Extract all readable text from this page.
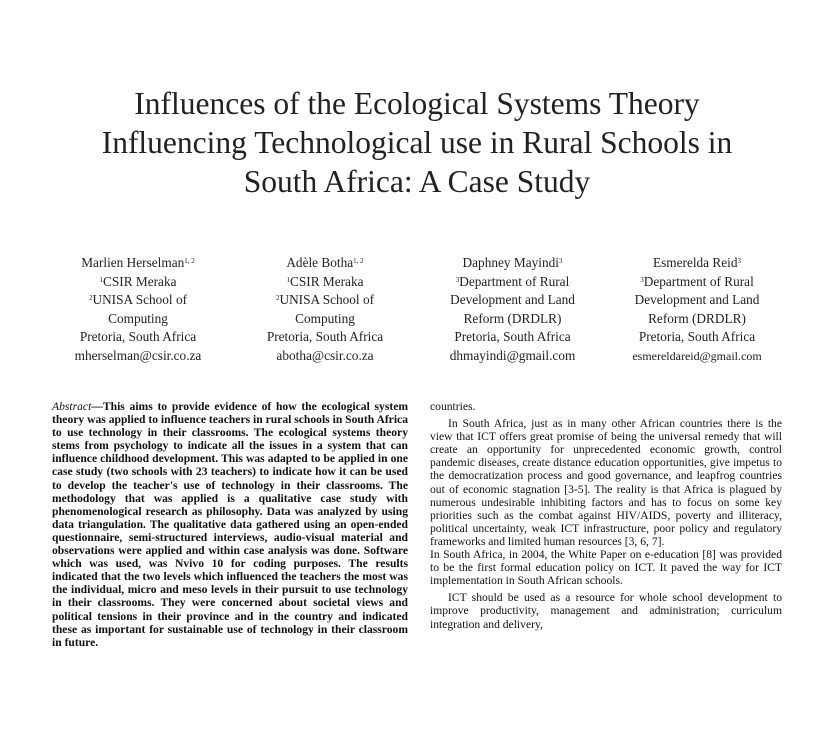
Influences of the Ecological Systems Theory
Influencing Technological use in Rural Schools in
South Africa: A Case Study
Marlien Herselman$^{1, 2}$
$^1$CSIR Meraka
$^2$UNISA School of
Computing
Pretoria, South Africa
mherselman@csir.co.za
Adèle Botha$^{1, 2}$
$^1$CSIR Meraka
$^2$UNISA School of
Computing
Pretoria, South Africa
abotha@csir.co.za
Daphney Mayindi$^3$
$^3$Department of Rural
Development and Land
Reform (DRDLR)
Pretoria, South Africa
dhmayindi@gmail.com
Esmerelda Reid$^3$
$^3$Department of Rural
Development and Land
Reform (DRDLR)
Pretoria, South Africa
esmereldareid@gmail.com

Abstract—This aims to provide evidence of how the ecological system theory was applied to influence teachers in rural schools in South Africa to use technology in their classrooms. The ecological systems theory stems from psychology to indicate all the issues in a system that can influence childhood development. This was adapted to be applied in one case study (two schools with 23 teachers) to indicate how it can be used to develop the teacher's use of technology in their classrooms. The methodology that was applied is a qualitative case study with phenomenological research as philosophy. Data was analyzed by using data triangulation. The qualitative data gathered using an open-ended questionnaire, semi-structured interviews, audio-visual material and observations were applied and within case analysis was done. Software which was used, was Nvivo 10 for coding purposes. The results indicated that the two levels which influenced the teachers the most was the individual, micro and meso levels in their pursuit to use technology in their classrooms. They were concerned about societal views and political tensions in their province and in the country and indicated these as important for sustainable use of technology in their classroom in future.

countries.

In South Africa, just as in many other African countries there is the view that ICT offers great promise of being the universal remedy that will create an opportunity for unprecedented economic growth, control pandemic diseases, create distance education opportunities, give impetus to the democratization process and good governance, and leapfrog countries out of economic stagnation [3-5]. The reality is that Africa is plagued by numerous undesirable inhibiting factors and has to focus on some key priorities such as the combat against HIV/AIDS, poverty and illiteracy, political uncertainty, weak ICT infrastructure, poor policy and regulatory frameworks and limited human resources [3, 6, 7].

In South Africa, in 2004, the White Paper on e-education [8] was provided to be the first formal education policy on ICT. It paved the way for ICT implementation in South African schools.

ICT should be used as a resource for whole school development to improve productivity, management and administration; curriculum integration and delivery,
